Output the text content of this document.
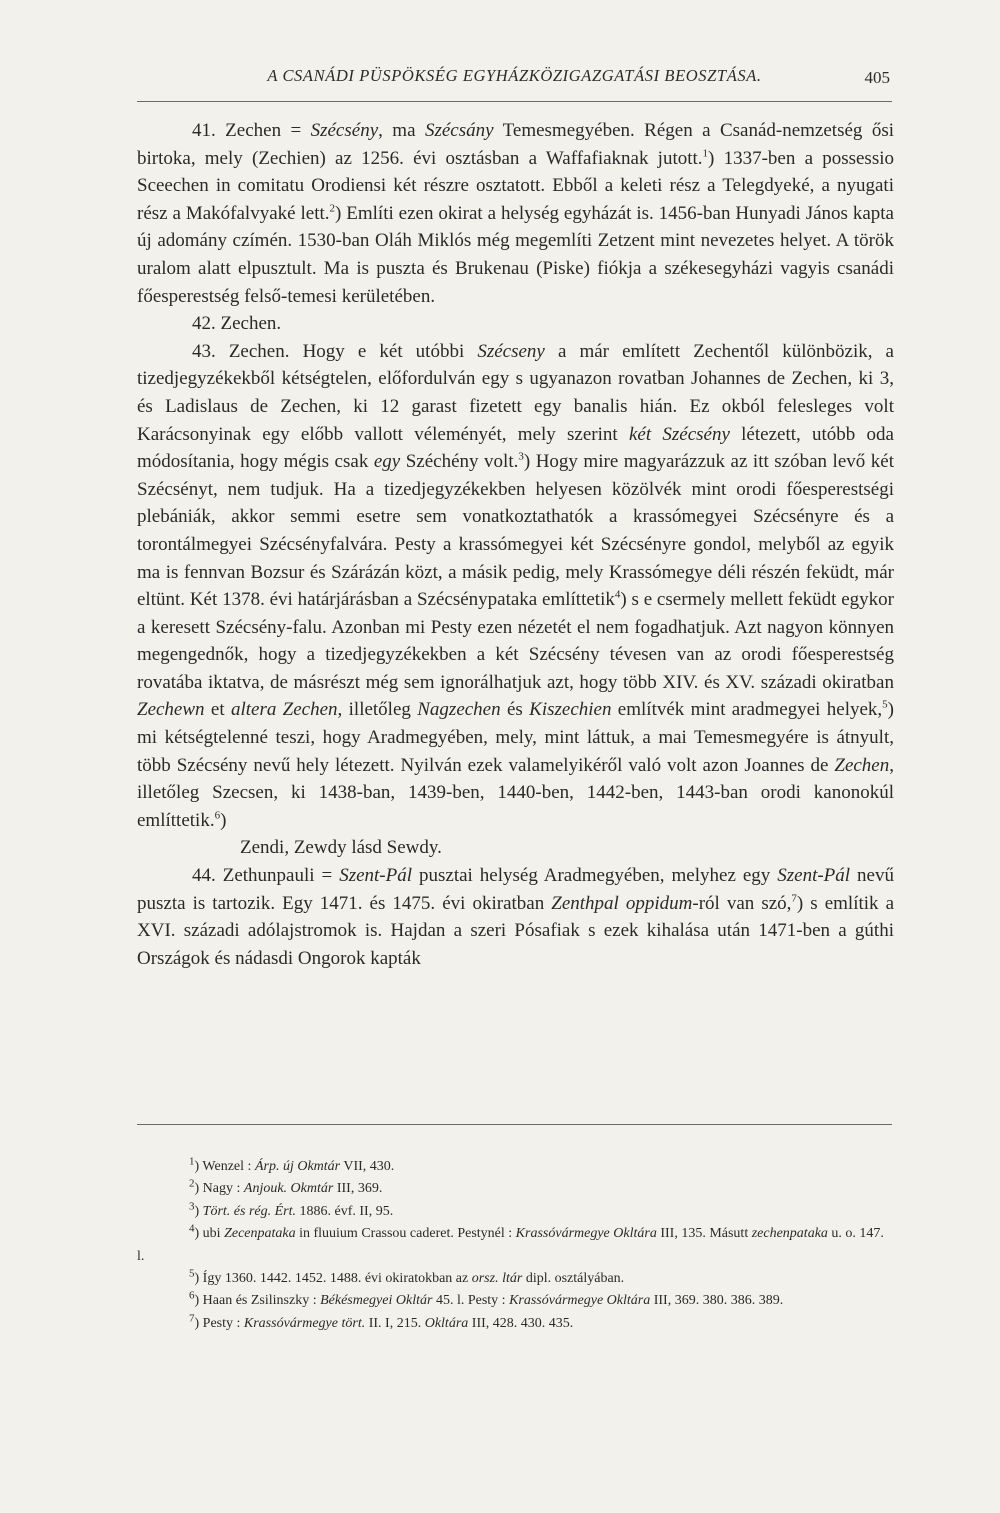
A CSANÁDI PÜSPÖKSÉG EGYHÁZKÖZIGAZGATÁSI BEOSZTÁSA.	405

41. Zechen = Szécsény, ma Szécsány Temesmegyében. Régen a Csanád-nemzetség ősi birtoka, mely (Zechien) az 1256. évi osztásban a Waffafiaknak jutott.$^1$) 1337-ben a possessio Sceechen in comitatu Orodiensi két részre osztatott. Ebből a keleti rész a Telegdyeké, a nyugati rész a Makófalvyaké lett.$^2$) Említi ezen okirat a helység egyházát is. 1456-ban Hunyadi János kapta új adomány czímén. 1530-ban Oláh Miklós még megemlíti Zetzent mint nevezetes helyet. A török uralom alatt elpusztult. Ma is puszta és Brukenau (Piske) fiókja a székesegyházi vagyis csanádi főesperestség felső-temesi kerületében.

42. Zechen.

43. Zechen. Hogy e két utóbbi Szécseny a már említett Zechentől különbözik, a tizedjegyzékekből kétségtelen, előfordulván egy s ugyanazon rovatban Johannes de Zechen, ki 3, és Ladislaus de Zechen, ki 12 garast fizetett egy banalis hián. Ez okból felesleges volt Karácsonyinak egy előbb vallott véleményét, mely szerint két Szécsény létezett, utóbb oda módosítania, hogy mégis csak egy Széchény volt.$^3$) Hogy mire magyarázzuk az itt szóban levő két Szécsényt, nem tudjuk. Ha a tizedjegyzékekben helyesen közölvék mint orodi főesperestségi plebániák, akkor semmi esetre sem vonatkoztathatók a krassómegyei Szécsényre és a torontálmegyei Szécsényfalvára. Pesty a krassómegyei két Szécsényre gondol, melyből az egyik ma is fennvan Bozsur és Szárázán közt, a másik pedig, mely Krassómegye déli részén feküdt, már eltünt. Két 1378. évi határjárásban a Szécsénypataka említtetik$^4$) s e csermely mellett feküdt egykor a keresett Szécsény-falu. Azonban mi Pesty ezen nézetét el nem fogadhatjuk. Azt nagyon könnyen megengednők, hogy a tizedjegyzékekben a két Szécsény tévesen van az orodi főesperestség rovatába iktatva, de másrészt még sem ignorálhatjuk azt, hogy több XIV. és XV. századi okiratban Zechewn et altera Zechen, illetőleg Nagzechen és Kiszechien említvék mint aradmegyei helyek,$^5$) mi kétségtelenné teszi, hogy Aradmegyében, mely, mint láttuk, a mai Temesmegyére is átnyult, több Szécsény nevű hely létezett. Nyilván ezek valamelyikéről való volt azon Joannes de Zechen, illetőleg Szecsen, ki 1438-ban, 1439-ben, 1440-ben, 1442-ben, 1443-ban orodi kanonokúl említtetik.$^6$)

Zendi, Zewdy lásd Sewdy.

44. Zethunpauli = Szent-Pál pusztai helység Aradmegyében, melyhez egy Szent-Pál nevű puszta is tartozik. Egy 1471. és 1475. évi okiratban Zenthpal oppidum-ról van szó,$^7$) s említik a XVI. századi adólajstromok is. Hajdan a szeri Pósafiak s ezek kihalása után 1471-ben a gúthi Országok és nádasdi Ongorok kapták

$^1$) Wenzel : Árp. új Okmtár VII, 430.

$^2$) Nagy : Anjouk. Okmtár III, 369.

$^3$) Tört. és rég. Ért. 1886. évf. II, 95.

$^4$) ubi Zecenpataka in fluuium Crassou caderet. Pestynél : Krassóvármegye Okltára III, 135. Másutt zechenpataka u. o. 147. l.

$^5$) Így 1360. 1442. 1452. 1488. évi okiratokban az orsz. ltár dipl. osztályában.

$^6$) Haan és Zsilinszky : Békésmegyei Okltár 45. l. Pesty : Krassóvármegye Okltára III, 369. 380. 386. 389.

$^7$) Pesty : Krassóvármegye tört. II. I, 215. Okltára III, 428. 430. 435.
